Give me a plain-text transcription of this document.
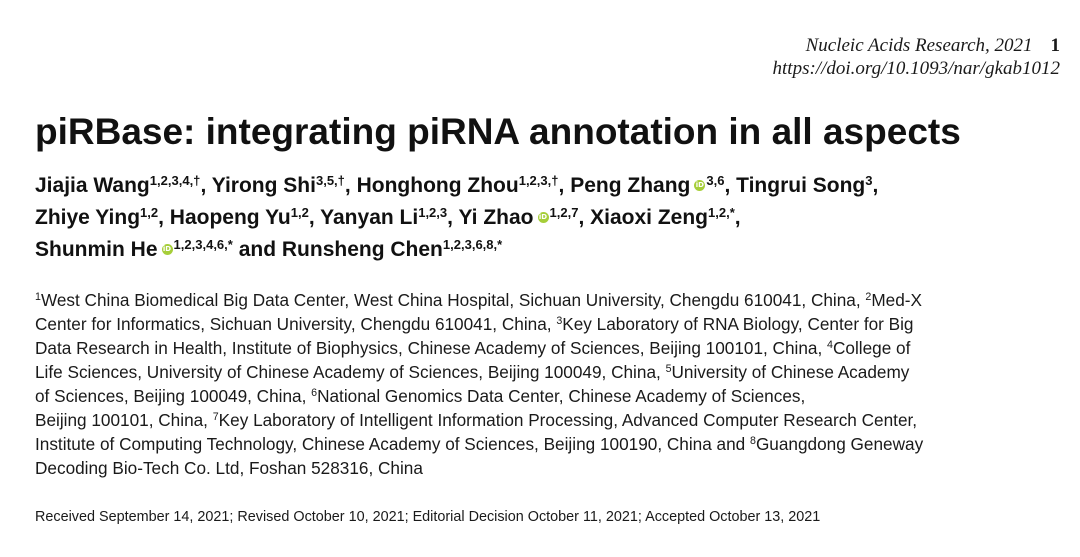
Nucleic Acids Research, 2021 1
https://doi.org/10.1093/nar/gkab1012
piRBase: integrating piRNA annotation in all aspects
Jiajia Wang$^{1,2,3,4,\dagger}$, Yirong Shi$^{3,5,\dagger}$, Honghong Zhou$^{1,2,3,\dagger}$, Peng Zhang iD $^{3,6}$, Tingrui Song$^3$,
Zhiye Ying$^{1,2}$, Haopeng Yu$^{1,2}$, Yanyan Li$^{1,2,3}$, Yi Zhao iD $^{1,2,7}$, Xiaoxi Zeng$^{1,2,*}$,
Shunmin He iD $^{1,2,3,4,6,*}$ and Runsheng Chen$^{1,2,3,6,8,*}$
$^1$West China Biomedical Big Data Center, West China Hospital, Sichuan University, Chengdu 610041, China, $^2$Med-X
Center for Informatics, Sichuan University, Chengdu 610041, China, $^3$Key Laboratory of RNA Biology, Center for Big
Data Research in Health, Institute of Biophysics, Chinese Academy of Sciences, Beijing 100101, China, $^4$College of
Life Sciences, University of Chinese Academy of Sciences, Beijing 100049, China, $^5$University of Chinese Academy
of Sciences, Beijing 100049, China, $^6$National Genomics Data Center, Chinese Academy of Sciences,
Beijing 100101, China, $^7$Key Laboratory of Intelligent Information Processing, Advanced Computer Research Center,
Institute of Computing Technology, Chinese Academy of Sciences, Beijing 100190, China and $^8$Guangdong Geneway
Decoding Bio-Tech Co. Ltd, Foshan 528316, China
Received September 14, 2021; Revised October 10, 2021; Editorial Decision October 11, 2021; Accepted October 13, 2021
